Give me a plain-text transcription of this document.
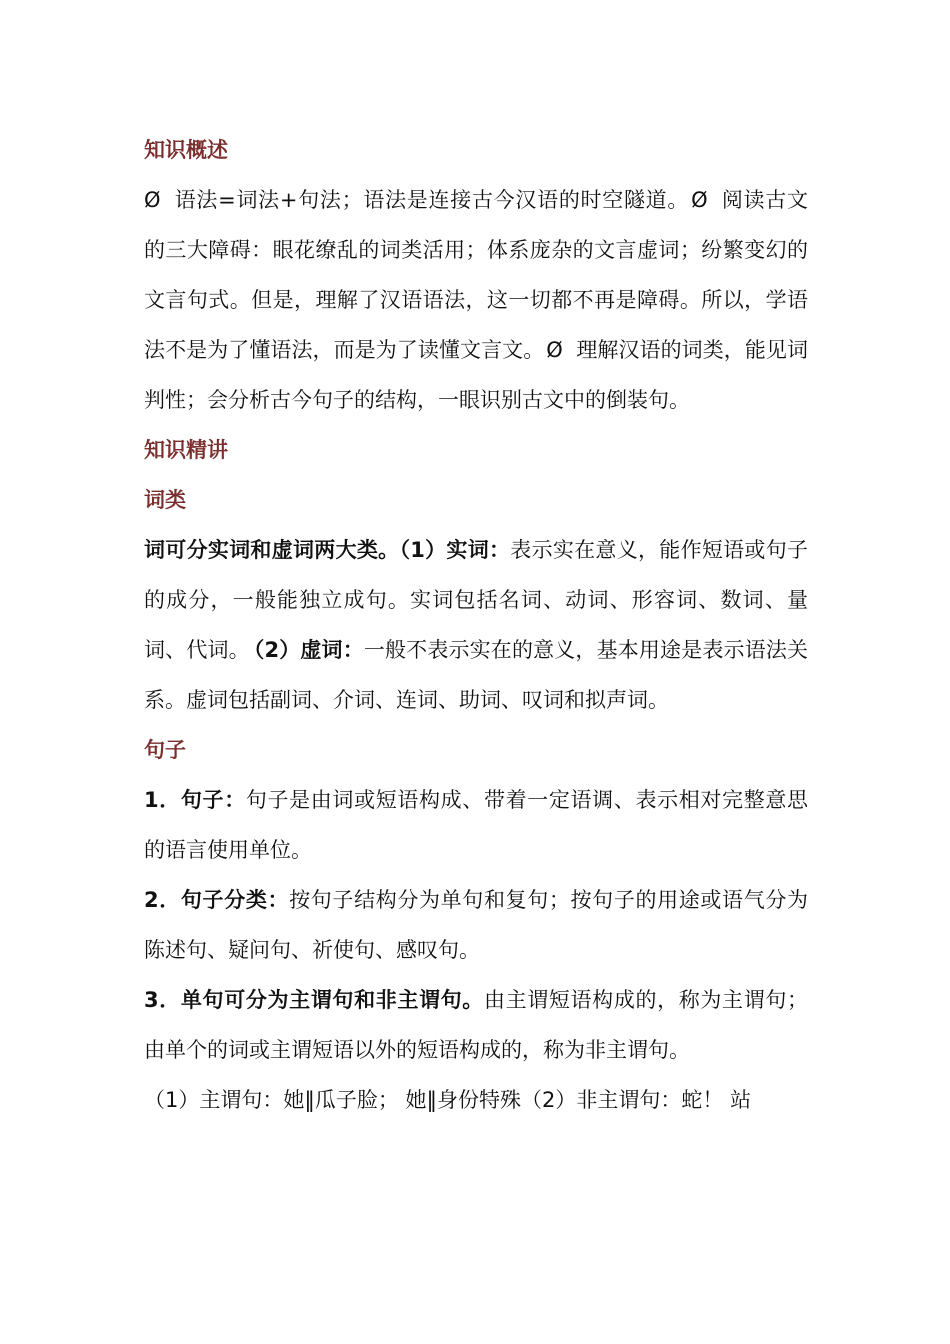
知识概述

Ø 语法=词法+句法；语法是连接古今汉语的时空隧道。Ø 阅读古文的三大障碍：眼花缭乱的词类活用；体系庞杂的文言虚词；纷繁变幻的文言句式。但是，理解了汉语语法，这一切都不再是障碍。所以，学语法不是为了懂语法，而是为了读懂文言文。Ø 理解汉语的词类，能见词判性；会分析古今句子的结构，一眼识别古文中的倒装句。

知识精讲

词类

词可分实词和虚词两大类。（1）实词：表示实在意义，能作短语或句子的成分，一般能独立成句。实词包括名词、动词、形容词、数词、量词、代词。 （2）虚词：一般不表示实在的意义，基本用途是表示语法关系。虚词包括副词、介词、连词、助词、叹词和拟声词。

句子

1．句子：句子是由词或短语构成、带着一定语调、表示相对完整意思的语言使用单位。

2．句子分类：按句子结构分为单句和复句；按句子的用途或语气分为陈述句、疑问句、祈使句、感叹句。

3．单句可分为主谓句和非主谓句。由主谓短语构成的，称为主谓句；由单个的词或主谓短语以外的短语构成的，称为非主谓句。

（1）主谓句：她‖瓜子脸； 她‖身份特殊（2）非主谓句：蛇！ 站
